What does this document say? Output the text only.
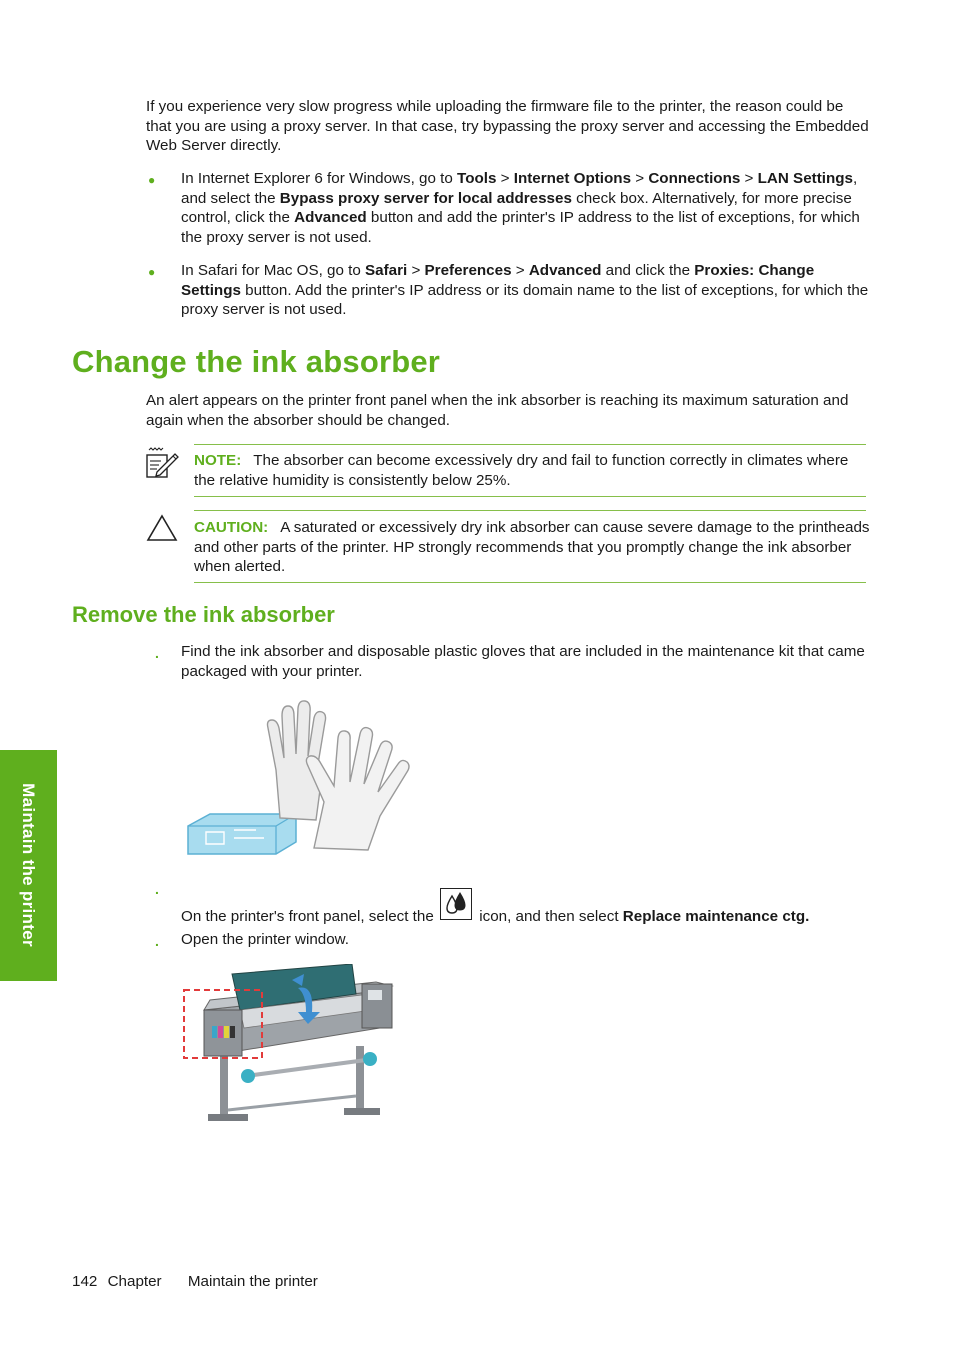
If you experience very slow progress while uploading the firmware file to the printer, the reason could be that you are using a proxy server. In that case, try bypassing the proxy server and accessing the Embedded Web Server directly.

● In Internet Explorer 6 for Windows, go to Tools > Internet Options > Connections > LAN Settings, and select the Bypass proxy server for local addresses check box. Alternatively, for more precise control, click the Advanced button and add the printer's IP address to the list of exceptions, for which the proxy server is not used.

● In Safari for Mac OS, go to Safari > Preferences > Advanced and click the Proxies: Change Settings button. Add the printer's IP address or its domain name to the list of exceptions, for which the proxy server is not used.

Change the ink absorber

An alert appears on the printer front panel when the ink absorber is reaching its maximum saturation and again when the absorber should be changed.

NOTE: The absorber can become excessively dry and fail to function correctly in climates where the relative humidity is consistently below 25%.

CAUTION: A saturated or excessively dry ink absorber can cause severe damage to the printheads and other parts of the printer. HP strongly recommends that you promptly change the ink absorber when alerted.

Remove the ink absorber
. Find the ink absorber and disposable plastic gloves that are included in the maintenance kit that came packaged with your printer.

.

On the printer's front panel, select the  icon, and then select Replace maintenance ctg.

. Open the printer window.

Maintain the printer
142 Chapter Maintain the printer
